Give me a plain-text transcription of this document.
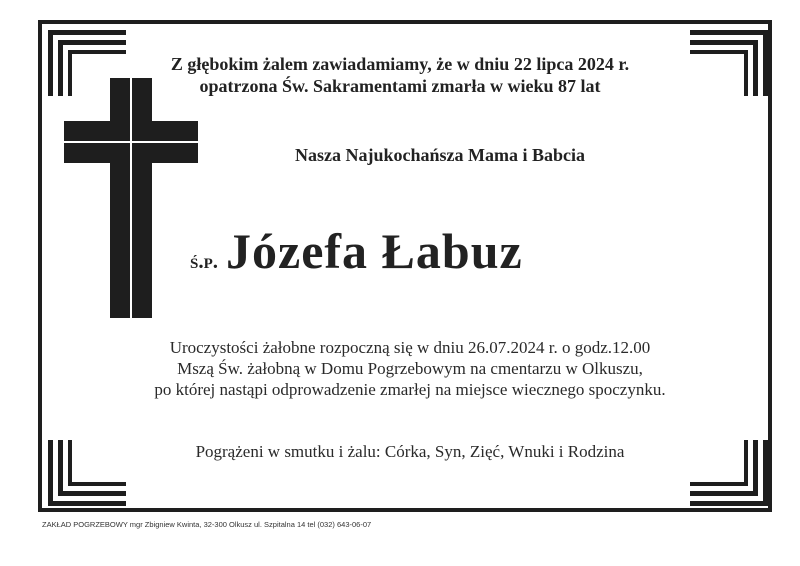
Z głębokim żalem zawiadamiamy, że w dniu 22 lipca 2024 r.
opatrzona Św. Sakramentami zmarła w wieku 87 lat
Nasza Najukochańsza Mama i Babcia
ś.p. Józefa Łabuz
Uroczystości żałobne rozpoczną się w dniu 26.07.2024 r. o godz.12.00
Mszą Św. żałobną w Domu Pogrzebowym na cmentarzu w Olkuszu,
po której nastąpi odprowadzenie zmarłej na miejsce wiecznego spoczynku.
Pogrążeni w smutku i żalu: Córka, Syn, Zięć, Wnuki i Rodzina
ZAKŁAD POGRZEBOWY mgr Zbigniew Kwinta, 32-300 Olkusz ul. Szpitalna 14 tel (032) 643-06-07
